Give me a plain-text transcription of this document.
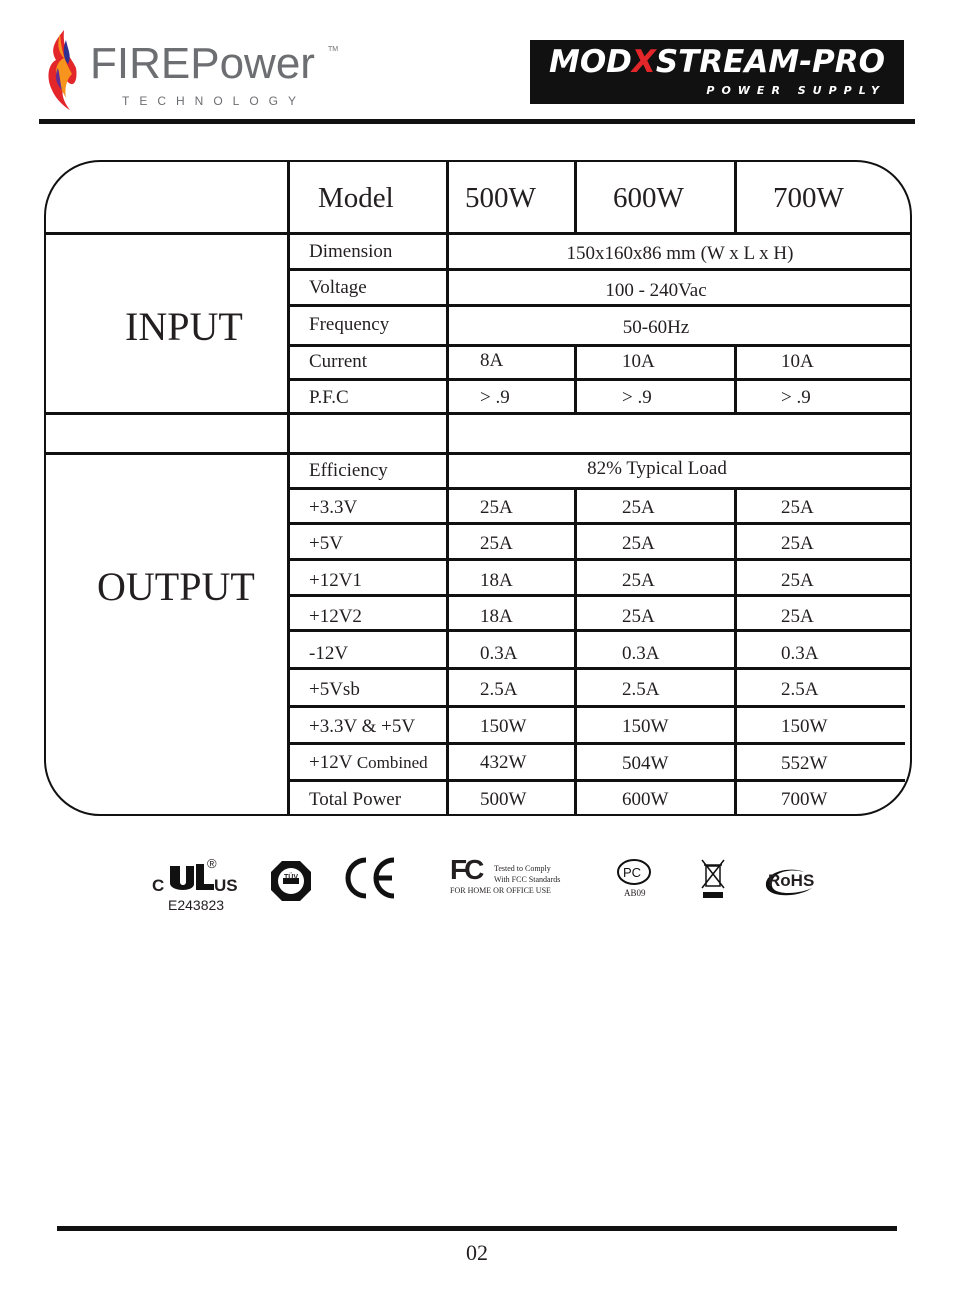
FIREPower TM
TECHNOLOGY
MODXSTREAM-PRO
POWER SUPPLY
Model 500W	600W	700W
INPUT
OUTPUT
Dimension	150x160x86 mm (W x L x H)
Voltage	100 - 240Vac
Frequency	50-60Hz
Current	8A	10A	10A
P.F.C	> .9	> .9	> .9
Efficiency	82% Typical Load
+3.3V	25A	25A	25A
+5V	25A	25A	25A
+12V1	18A	25A	25A
+12V2	18A	25A	25A
-12V	0.3A	0.3A	0.3A
+5Vsb	2.5A	2.5A	2.5A
+3.3V & +5V	150W	150W	150W
+12V Combined	432W	504W	552W
Total Power	500W	600W	700W
C
®
US
E243823
TÜV	FC Tested to Comply
With FCC Standards
FOR HOME OR OFFICE USE
PC
AB09
RoHS
02
